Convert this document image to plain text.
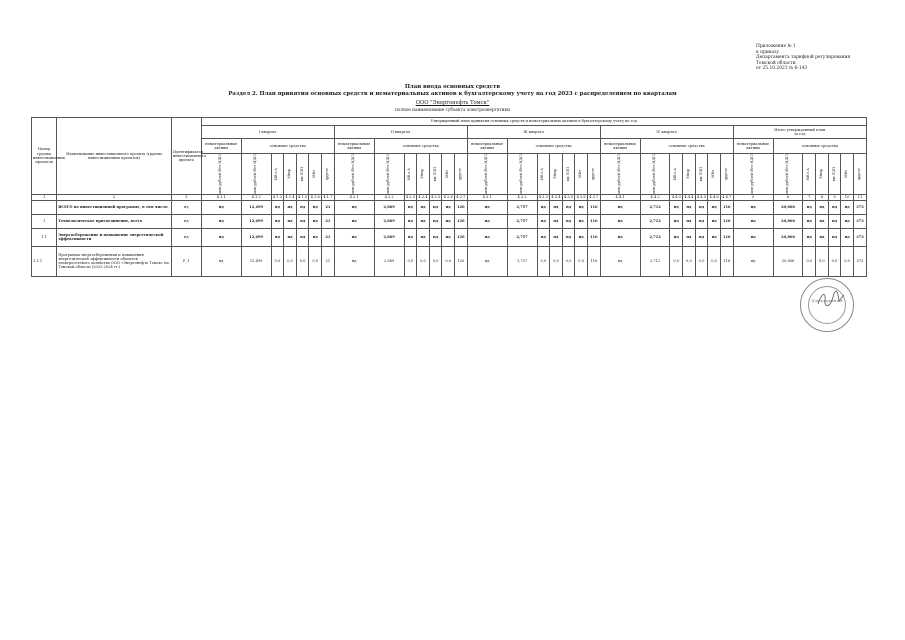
Приложение № 1
к приказу
Департамента тарифной регулирования
Томской области
от 25.10.2023 № 6-143
План ввода основных средств
Раздел 2. План принятия основных средств и нематериальных активов к бухгалтерскому учету на год 2023 с распределением по кварталам
ООО "Энергонефть Томск"
полное наименование субъекта электроэнергетики
Номер группы инвестиционных проектов	Наименование инвестиционного проекта (группы инвестиционных проектов)	Идентификатор инвестиционного проекта	Утвержденный план принятия основных средств и нематериальных активов к бухгалтерскому учету на год																																		
			I квартал							II квартал							III квартал							IV квартал							Итого утвержденный план
за год						
			нематериальные активы	основные средства						нематериальные активы	основные средства						нематериальные активы	основные средства						нематериальные активы	основные средства						нематериальные активы	основные средства					

			млн рублей (без НДС)	млн рублей (без НДС)	МВ×А	Мвар	км ЛЭП	МВт	другое	млн рублей (без НДС)	млн рублей (без НДС)	МВ×А	Мвар	км ЛЭП	МВт	другое	млн рублей (без НДС)	млн рублей (без НДС)	МВ×А	Мвар	км ЛЭП	МВт	другое	млн рублей (без НДС)	млн рублей (без НДС)	МВ×А	Мвар	км ЛЭП	МВт	другое	млн рублей (без НДС)	млн рублей (без НДС)	МВ×А	Мвар	км ЛЭП	МВт	другое

1	2	3	4.1.1	4.1.2	4.1.3	4.1.4	4.1.5	4.1.6	4.1.7	4.2.1	4.2.2	4.2.3	4.2.4	4.2.5	4.2.6	4.2.7	4.3.1	4.3.2	4.3.3	4.3.4	4.3.5	4.3.6	4.3.7	4.4.1	4.4.2	4.4.3	4.4.4	4.4.5	4.4.6	4.4.7	5	6	7	8	9	10	11
	ВСЕГО по инвестиционной программе, в том числе:	нд	нд	12,499	нд	нд	нд	нд	21	нд	2,869	нд	нд	нд	нд	120	нд	2,757	нд	нд	нд	нд	116	нд	2,712	нд	нд	нд	нд	116	нд	20,806	нд	нд	нд	нд	373
1	Технологическое присоединение, всего	нд	нд	12,499	нд	нд	нд	нд	21	нд	2,869	нд	нд	нд	нд	120	нд	2,757	нд	нд	нд	нд	116	нд	2,712	нд	нд	нд	нд	116	нд	20,806	нд	нд	нд	нд	373
1.1	Энергосбережение и повышение энергетической эффективности	нд	нд	12,499	нд	нд	нд	нд	21	нд	2,869	нд	нд	нд	нд	120	нд	2,757	нд	нд	нд	нд	116	нд	2,712	нд	нд	нд	нд	116	нд	20,806	нд	нд	нд	нд	373
1.1.1	Программа энергосбережения и повышения энергетической эффективности объектов электросетевого хозяйства ООО «Энергонефть Томск» на Томской области (2022-2024 гг.)	F_1	нд	12,499	0,0	0,0	0,0	0,0	21	нд	2,869	0,0	0,0	0,0	0,0	120	нд	2,757	0,0	0,0	0,0	0,0	116	нд	2,712	0,0	0,0	0,0	0,0	116	нд	20,806	0,0	0,0	0,0	0,0	373
Для документов
